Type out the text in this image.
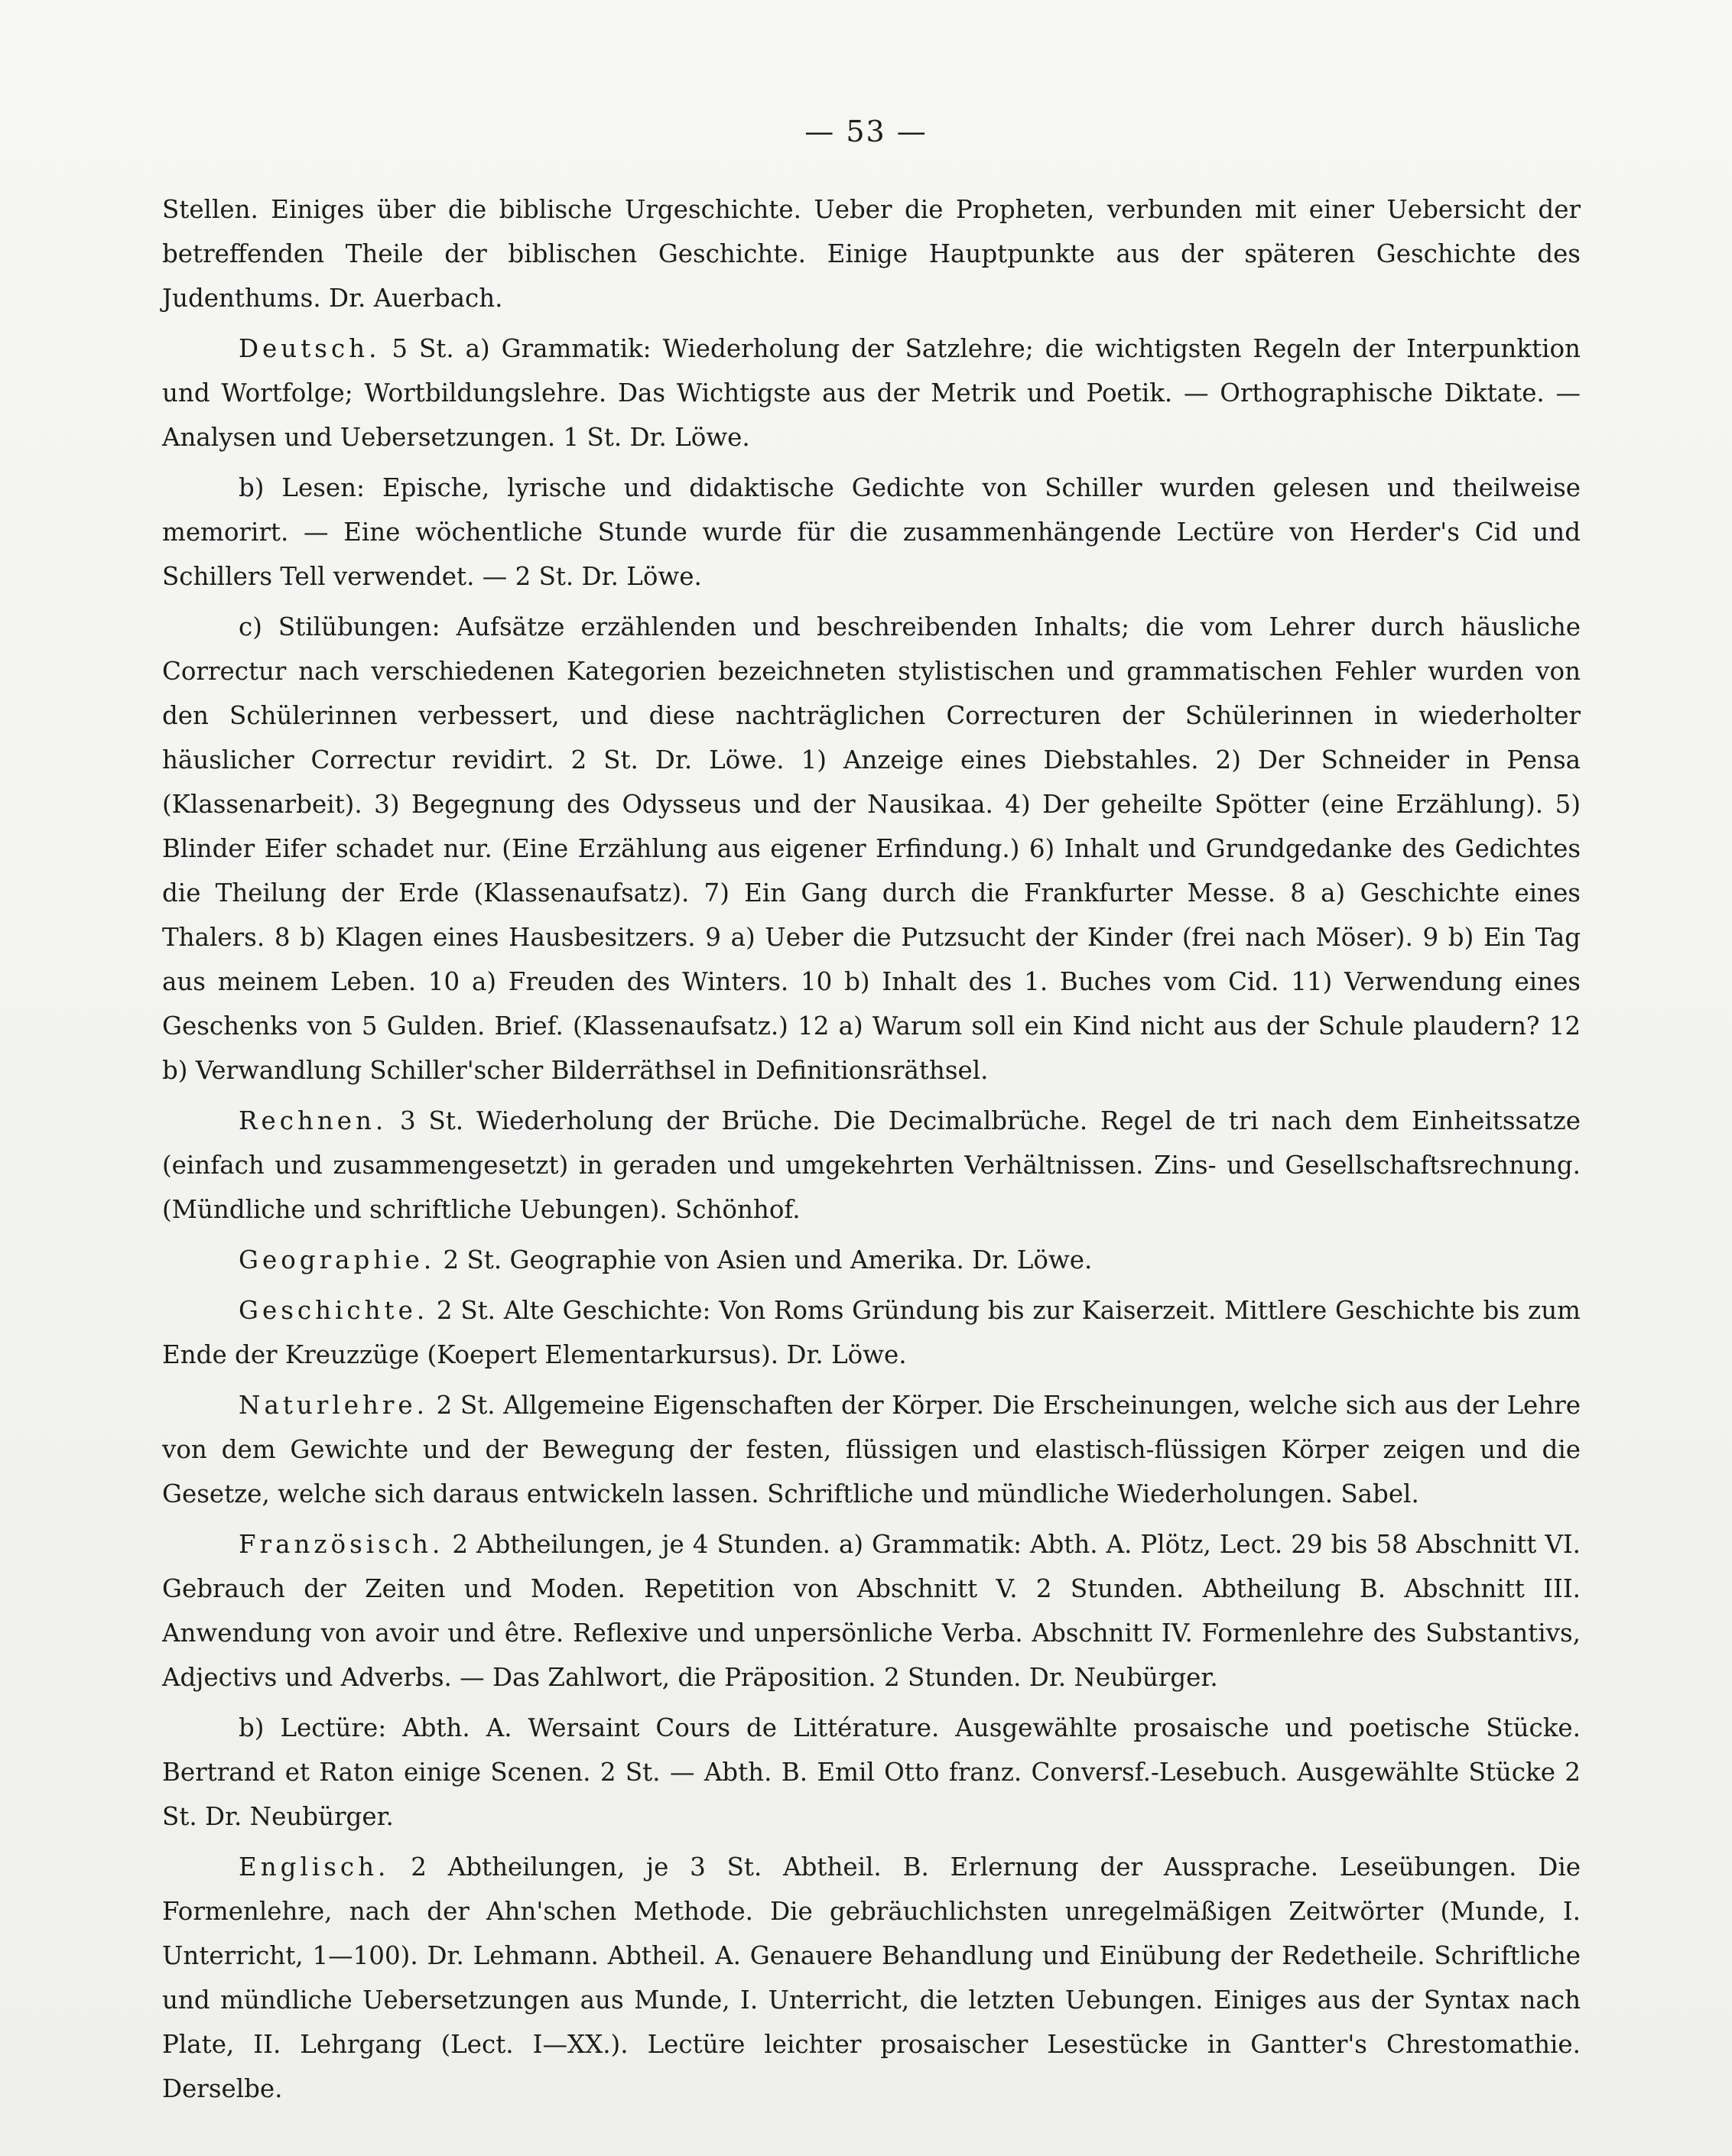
— 53 —

Stellen. Einiges über die biblische Urgeschichte. Ueber die Propheten, verbunden mit einer Uebersicht der betreffenden Theile der biblischen Geschichte. Einige Hauptpunkte aus der späteren Geschichte des Judenthums. Dr. Auerbach.

Deutsch. 5 St. a) Grammatik: Wiederholung der Satzlehre; die wichtigsten Regeln der Interpunktion und Wortfolge; Wortbildungslehre. Das Wichtigste aus der Metrik und Poetik. — Orthographische Diktate. — Analysen und Uebersetzungen. 1 St. Dr. Löwe.

b) Lesen: Epische, lyrische und didaktische Gedichte von Schiller wurden gelesen und theilweise memorirt. — Eine wöchentliche Stunde wurde für die zusammenhängende Lectüre von Herder's Cid und Schillers Tell verwendet. — 2 St. Dr. Löwe.

c) Stilübungen: Aufsätze erzählenden und beschreibenden Inhalts; die vom Lehrer durch häusliche Correctur nach verschiedenen Kategorien bezeichneten stylistischen und grammatischen Fehler wurden von den Schülerinnen verbessert, und diese nachträglichen Correcturen der Schülerinnen in wiederholter häuslicher Correctur revidirt. 2 St. Dr. Löwe. 1) Anzeige eines Diebstahles. 2) Der Schneider in Pensa (Klassenarbeit). 3) Begegnung des Odysseus und der Nausikaa. 4) Der geheilte Spötter (eine Erzählung). 5) Blinder Eifer schadet nur. (Eine Erzählung aus eigener Erfindung.) 6) Inhalt und Grundgedanke des Gedichtes die Theilung der Erde (Klassenaufsatz). 7) Ein Gang durch die Frankfurter Messe. 8 a) Geschichte eines Thalers. 8 b) Klagen eines Hausbesitzers. 9 a) Ueber die Putzsucht der Kinder (frei nach Möser). 9 b) Ein Tag aus meinem Leben. 10 a) Freuden des Winters. 10 b) Inhalt des 1. Buches vom Cid. 11) Verwendung eines Geschenks von 5 Gulden. Brief. (Klassenaufsatz.) 12 a) Warum soll ein Kind nicht aus der Schule plaudern? 12 b) Verwandlung Schiller'scher Bilderräthsel in Definitionsräthsel.

Rechnen. 3 St. Wiederholung der Brüche. Die Decimalbrüche. Regel de tri nach dem Einheitssatze (einfach und zusammengesetzt) in geraden und umgekehrten Verhältnissen. Zins- und Gesellschaftsrechnung. (Mündliche und schriftliche Uebungen). Schönhof.

Geographie. 2 St. Geographie von Asien und Amerika. Dr. Löwe.

Geschichte. 2 St. Alte Geschichte: Von Roms Gründung bis zur Kaiserzeit. Mittlere Geschichte bis zum Ende der Kreuzzüge (Koepert Elementarkursus). Dr. Löwe.

Naturlehre. 2 St. Allgemeine Eigenschaften der Körper. Die Erscheinungen, welche sich aus der Lehre von dem Gewichte und der Bewegung der festen, flüssigen und elastisch-flüssigen Körper zeigen und die Gesetze, welche sich daraus entwickeln lassen. Schriftliche und mündliche Wiederholungen. Sabel.

Französisch. 2 Abtheilungen, je 4 Stunden. a) Grammatik: Abth. A. Plötz, Lect. 29 bis 58 Abschnitt VI. Gebrauch der Zeiten und Moden. Repetition von Abschnitt V. 2 Stunden. Abtheilung B. Abschnitt III. Anwendung von avoir und être. Reflexive und unpersönliche Verba. Abschnitt IV. Formenlehre des Substantivs, Adjectivs und Adverbs. — Das Zahlwort, die Präposition. 2 Stunden. Dr. Neubürger.

b) Lectüre: Abth. A. Wersaint Cours de Littérature. Ausgewählte prosaische und poetische Stücke. Bertrand et Raton einige Scenen. 2 St. — Abth. B. Emil Otto franz. Conversf.-Lesebuch. Ausgewählte Stücke 2 St. Dr. Neubürger.

Englisch. 2 Abtheilungen, je 3 St. Abtheil. B. Erlernung der Aussprache. Leseübungen. Die Formenlehre, nach der Ahn'schen Methode. Die gebräuchlichsten unregelmäßigen Zeitwörter (Munde, I. Unterricht, 1—100). Dr. Lehmann. Abtheil. A. Genauere Behandlung und Einübung der Redetheile. Schriftliche und mündliche Uebersetzungen aus Munde, I. Unterricht, die letzten Uebungen. Einiges aus der Syntax nach Plate, II. Lehrgang (Lect. I—XX.). Lectüre leichter prosaischer Lesestücke in Gantter's Chrestomathie. Derselbe.
